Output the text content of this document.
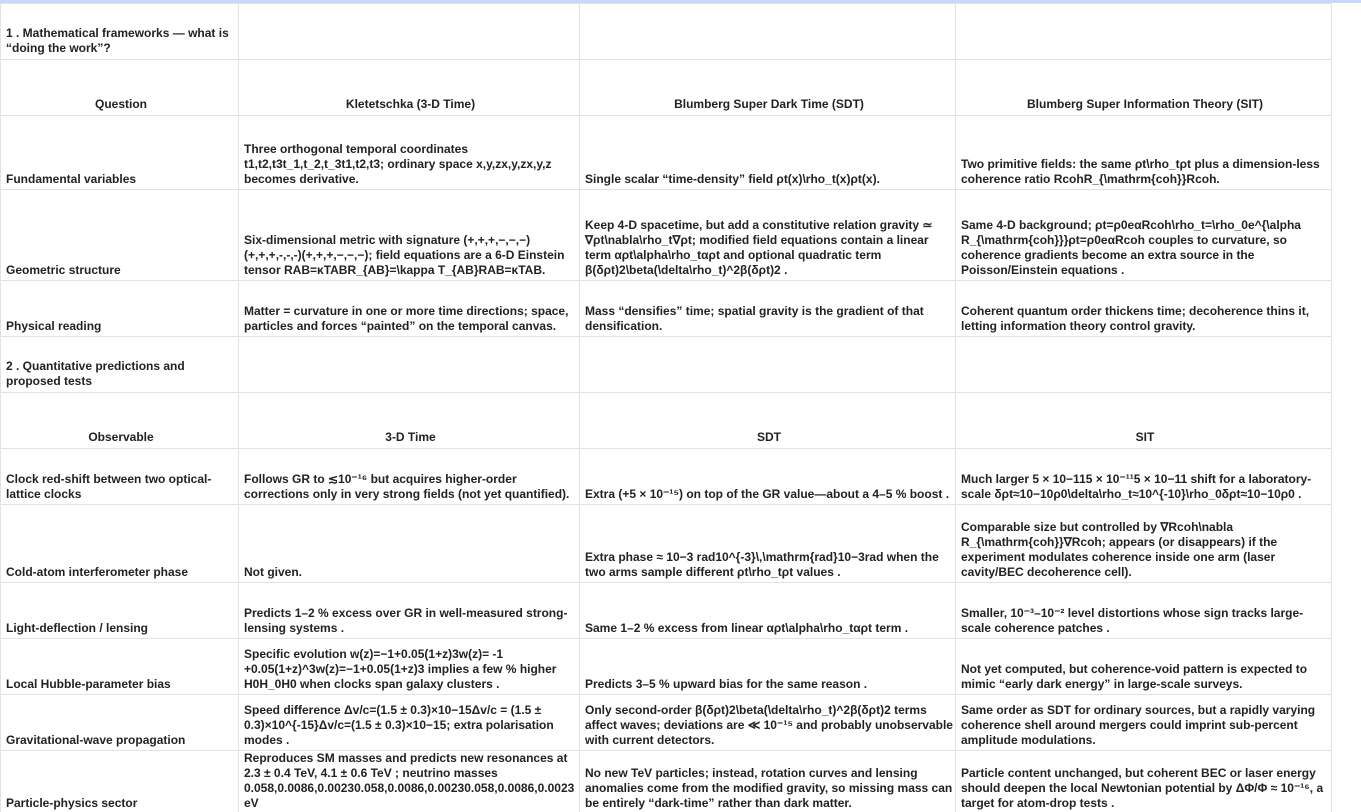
1 . Mathematical frameworks — what is “doing the work”?			
Question	Kletetschka (3-D Time)	Blumberg Super Dark Time (SDT)	Blumberg Super Information Theory (SIT)
Fundamental variables	Three orthogonal temporal coordinates t1,t2,t3t_1,t_2,t_3t1,t2,t3; ordinary space x,y,zx,y,zx,y,z becomes derivative.	Single scalar “time-density” field ρt(x)\rho_t(x)ρt(x).	Two primitive fields: the same ρt\rho_tρt plus a dimension-less coherence ratio RcohR_{\mathrm{coh}}Rcoh.
Geometric structure	Six-dimensional metric with signature (+,+,+,−,−,−)(+,+,+,-,-,-)(+,+,+,−,−,−); field equations are a 6-D Einstein tensor RAB=κTABR_{AB}=\kappa T_{AB}RAB=κTAB.	Keep 4-D spacetime, but add a constitutive relation gravity ≃ ∇ρt\nabla\rho_t∇ρt; modified field equations contain a linear term αρt\alpha\rho_tαρt and optional quadratic term β(δρt)2\beta(\delta\rho_t)^2β(δρt)2 .	Same 4-D background; ρt=ρ0eαRcoh\rho_t=\rho_0e^{\alpha R_{\mathrm{coh}}}ρt=ρ0eαRcoh couples to curvature, so coherence gradients become an extra source in the Poisson/Einstein equations .
Physical reading	Matter = curvature in one or more time directions; space, particles and forces “painted” on the temporal canvas.	Mass “densifies” time; spatial gravity is the gradient of that densification.	Coherent quantum order thickens time; decoherence thins it, letting information theory control gravity.
2 . Quantitative predictions and proposed tests			
Observable	3-D Time	SDT	SIT
Clock red-shift between two optical-lattice clocks	Follows GR to ≲10⁻¹⁶ but acquires higher-order corrections only in very strong fields (not yet quantified).	Extra (+5 × 10⁻¹⁵) on top of the GR value—about a 4–5 % boost .	Much larger 5 × 10−115 × 10⁻¹¹5 × 10−11 shift for a laboratory-scale δρt≈10−10ρ0\delta\rho_t≈10^{-10}\rho_0δρt≈10−10ρ0 .
Cold-atom interferometer phase	Not given.	Extra phase ≈ 10−3 rad10^{-3}\,\mathrm{rad}10−3rad when the two arms sample different ρt\rho_tρt values .	Comparable size but controlled by ∇Rcoh\nabla R_{\mathrm{coh}}∇Rcoh; appears (or disappears) if the experiment modulates coherence inside one arm (laser cavity/BEC decoherence cell).
Light-deflection / lensing	Predicts 1–2 % excess over GR in well-measured strong-lensing systems .	Same 1–2 % excess from linear αρt\alpha\rho_tαρt term .	Smaller, 10⁻³–10⁻² level distortions whose sign tracks large-scale coherence patches .
Local Hubble-parameter bias	Specific evolution w(z)=−1+0.05(1+z)3w(z)= -1 +0.05(1+z)^3w(z)=−1+0.05(1+z)3 implies a few % higher H0H_0H0 when clocks span galaxy clusters .	Predicts 3–5 % upward bias for the same reason .	Not yet computed, but coherence-void pattern is expected to mimic “early dark energy” in large-scale surveys.
Gravitational-wave propagation	Speed difference Δv/c=(1.5 ± 0.3)×10−15Δv/c = (1.5 ± 0.3)×10^{-15}Δv/c=(1.5 ± 0.3)×10−15; extra polarisation modes .	Only second-order β(δρt)2\beta(\delta\rho_t)^2β(δρt)2 terms affect waves; deviations are ≪ 10⁻¹⁵ and probably unobservable with current detectors.	Same order as SDT for ordinary sources, but a rapidly varying coherence shell around mergers could imprint sub-percent amplitude modulations.
Particle-physics sector	Reproduces SM masses and predicts new resonances at 2.3 ± 0.4 TeV, 4.1 ± 0.6 TeV ; neutrino masses 0.058,0.0086,0.00230.058,0.0086,0.00230.058,0.0086,0.0023 eV	No new TeV particles; instead, rotation curves and lensing anomalies come from the modified gravity, so missing mass can be entirely “dark-time” rather than dark matter.	Particle content unchanged, but coherent BEC or laser energy should deepen the local Newtonian potential by ΔΦ/Φ ≈ 10⁻¹⁶, a target for atom-drop tests .
